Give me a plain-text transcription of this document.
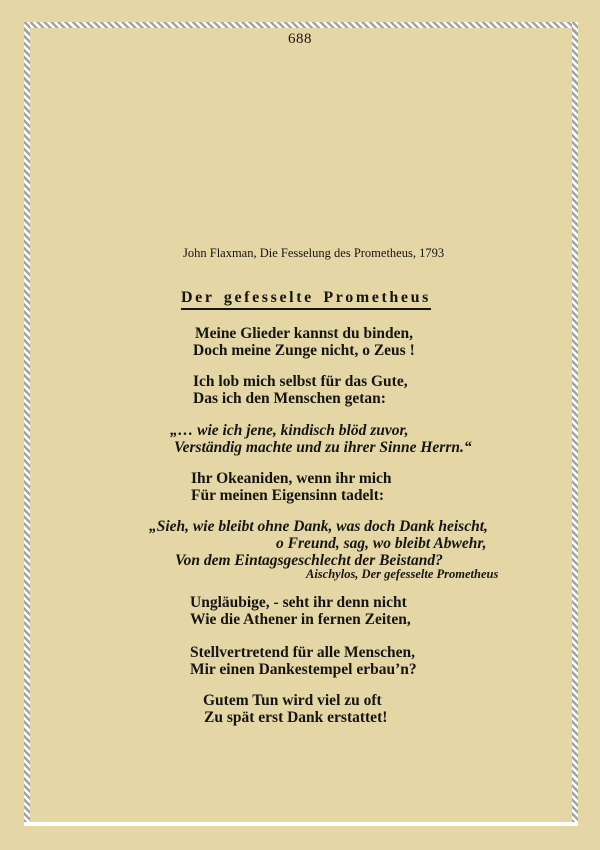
688
John Flaxman, Die Fesselung des Prometheus, 1793
Der gefesselte Prometheus
Meine Glieder kannst du binden,
Doch meine Zunge nicht, o Zeus !
Ich lob mich selbst für das Gute,
Das ich den Menschen getan:
„… wie ich jene, kindisch blöd zuvor,
Verständig machte und zu ihrer Sinne Herrn.“
Ihr Okeaniden, wenn ihr mich
Für meinen Eigensinn tadelt:
„Sieh, wie bleibt ohne Dank, was doch Dank heischt,
o Freund, sag, wo bleibt Abwehr,
Von dem Eintagsgeschlecht der Beistand?
Aischylos, Der gefesselte Prometheus
Ungläubige, - seht ihr denn nicht
Wie die Athener in fernen Zeiten,
Stellvertretend für alle Menschen,
Mir einen Dankestempel erbau’n?
Gutem Tun wird viel zu oft
Zu spät erst Dank erstattet!
